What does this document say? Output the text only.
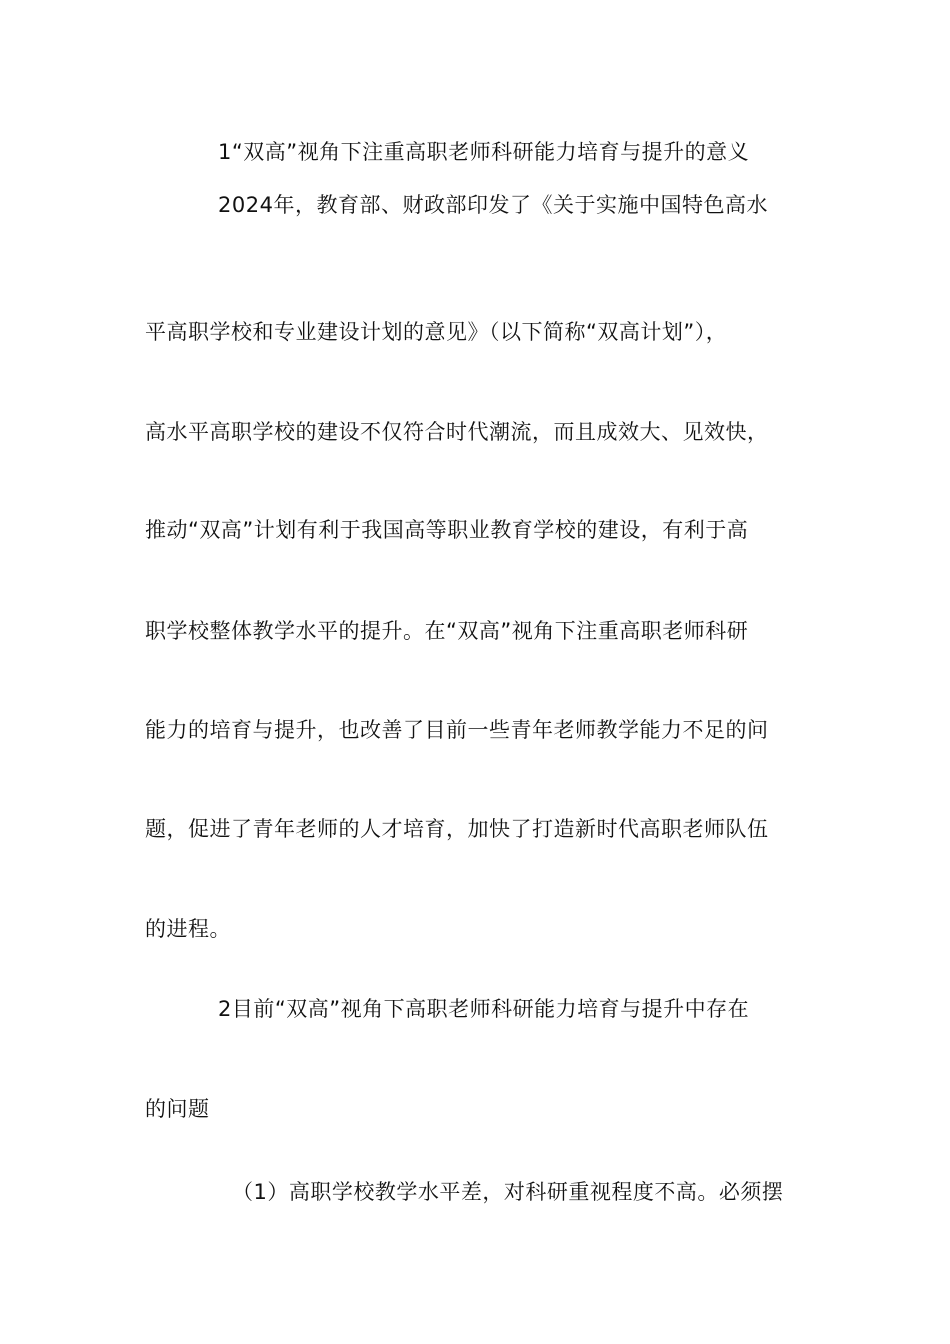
1“双高”视角下注重高职老师科研能力培育与提升的意义
2024年，教育部、财政部印发了《关于实施中国特色高水
平高职学校和专业建设计划的意见》（以下简称“双高计划”），
高水平高职学校的建设不仅符合时代潮流，而且成效大、见效快，
推动“双高”计划有利于我国高等职业教育学校的建设，有利于高
职学校整体教学水平的提升。在“双高”视角下注重高职老师科研
能力的培育与提升，也改善了目前一些青年老师教学能力不足的问
题，促进了青年老师的人才培育，加快了打造新时代高职老师队伍
的进程。
2目前“双高”视角下高职老师科研能力培育与提升中存在
的问题
（1）高职学校教学水平差，对科研重视程度不高。必须摆
